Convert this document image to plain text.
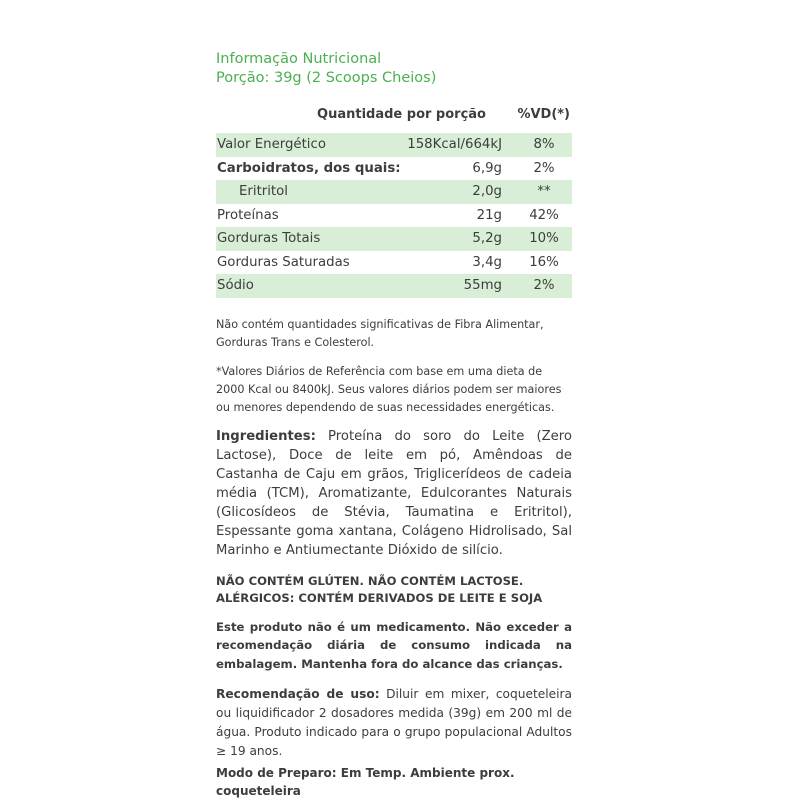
Informação Nutricional

Porção: 39g (2 Scoops Cheios)

Quantidade por porção %VD(*)
Valor Energético	158Kcal/664kJ	8%
Carboidratos, dos quais:	6,9g	2%
Eritritol	2,0g	**
Proteínas	21g	42%
Gorduras Totais	5,2g	10%
Gorduras Saturadas	3,4g	16%
Sódio	55mg	2%

Não contém quantidades significativas de Fibra Alimentar, Gorduras Trans e Colesterol.

*Valores Diários de Referência com base em uma dieta de 2000 Kcal ou 8400kJ. Seus valores diários podem ser maiores ou menores dependendo de suas necessidades energéticas.

Ingredientes: Proteína do soro do Leite (Zero Lactose), Doce de leite em pó, Amêndoas de Castanha de Caju em grãos, Triglicerídeos de cadeia média (TCM), Aromatizante, Edulcorantes Naturais (Glicosídeos de Stévia, Taumatina e Eritritol), Espessante goma xantana, Colágeno Hidrolisado, Sal Marinho e Antiumectante Dióxido de silício.

NÃO CONTÉM GLÚTEN. NÃO CONTÉM LACTOSE.
ALÉRGICOS: CONTÉM DERIVADOS DE LEITE E SOJA

Este produto não é um medicamento. Não exceder a recomendação diária de consumo indicada na embalagem. Mantenha fora do alcance das crianças.

Recomendação de uso: Diluir em mixer, coqueteleira ou liquidificador 2 dosadores medida (39g) em 200 ml de água. Produto indicado para o grupo populacional Adultos ≥ 19 anos.

Modo de Preparo: Em Temp. Ambiente prox. coqueteleira
